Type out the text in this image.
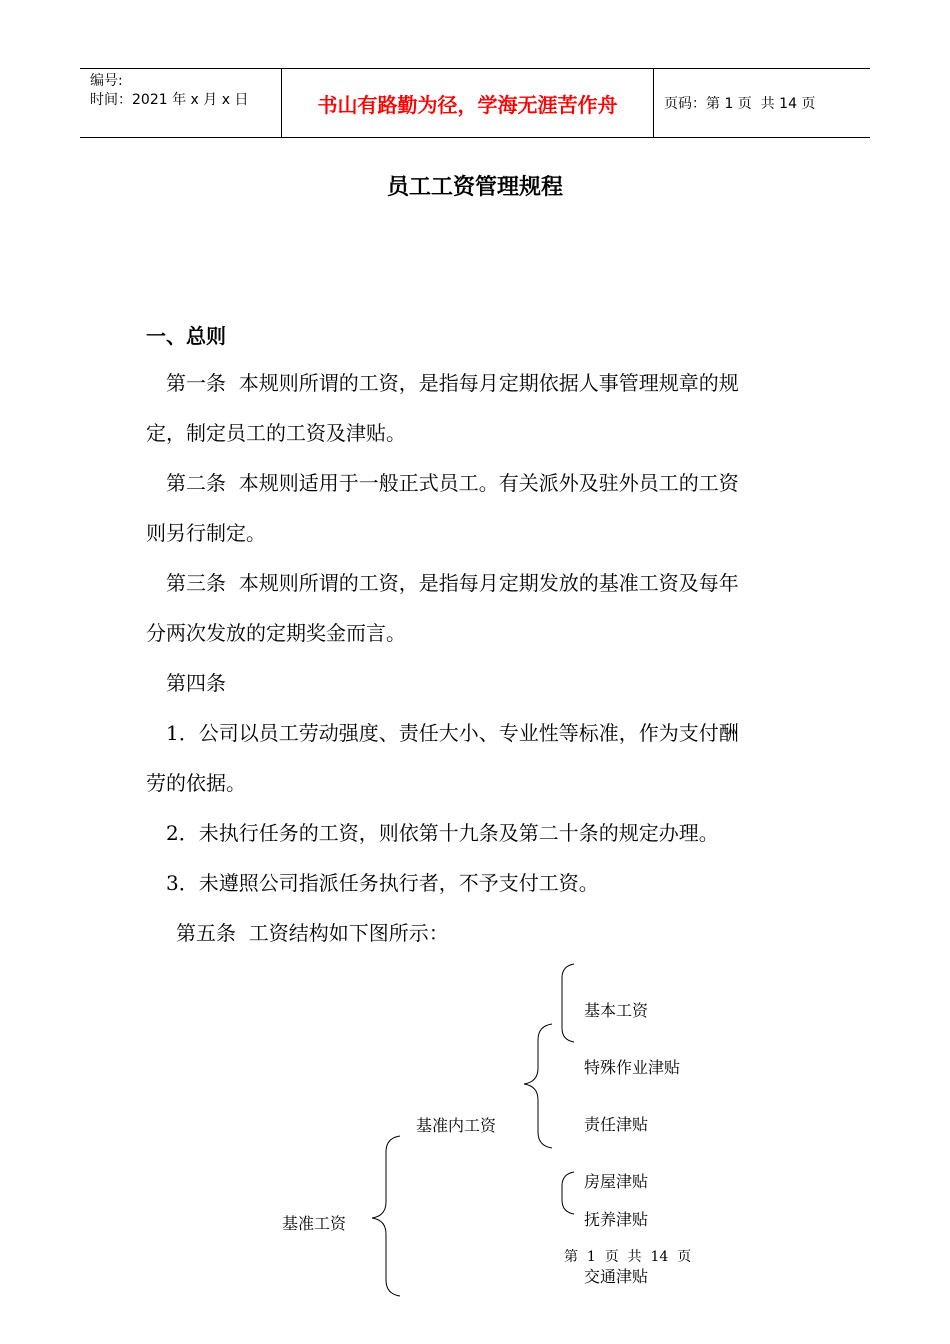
编号:
时间：2021 年 x 月 x 日	书山有路勤为径，学海无涯苦作舟	页码：第 1 页  共 14 页
员工工资管理规程
一、总则
第一条  本规则所谓的工资，是指每月定期依据人事管理规章的规
定，制定员工的工资及津贴。
第二条  本规则适用于一般正式员工。有关派外及驻外员工的工资
则另行制定。
第三条  本规则所谓的工资，是指每月定期发放的基准工资及每年
分两次发放的定期奖金而言。
第四条
1．公司以员工劳动强度、责任大小、专业性等标准，作为支付酬
劳的依据。
2．未执行任务的工资，则依第十九条及第二十条的规定办理。
3．未遵照公司指派任务执行者，不予支付工资。
第五条  工资结构如下图所示：
基准工资
基准内工资

基本工资

特殊作业津贴

责任津贴

房屋津贴

抚养津贴

交通津贴

第  1  页  共  14  页
